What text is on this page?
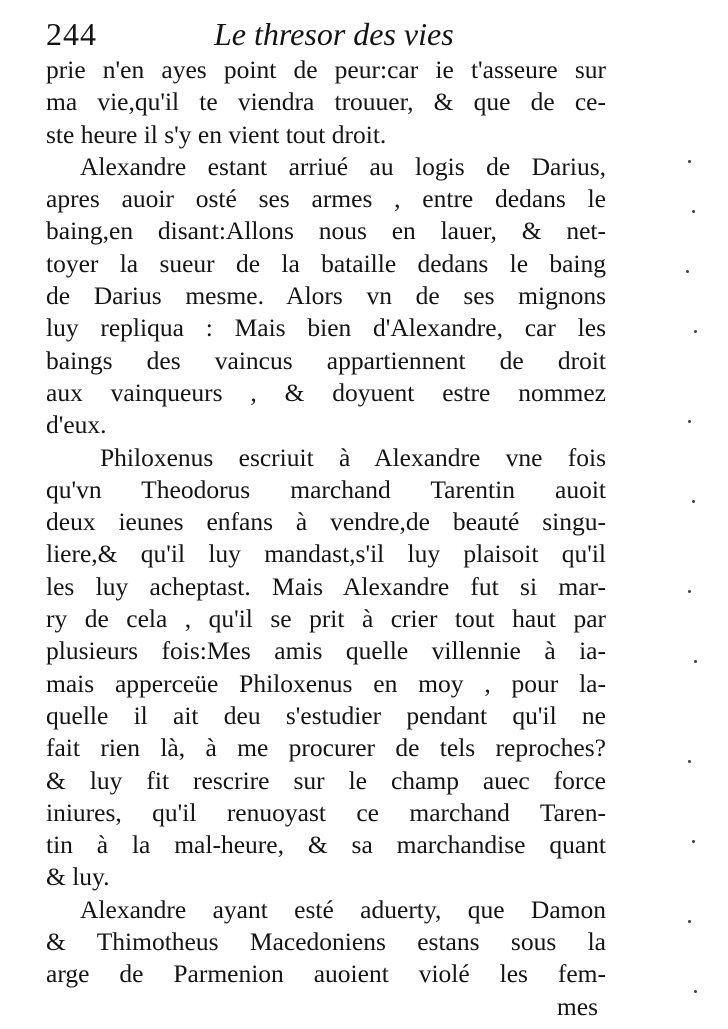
244	Le thresor des vies
prie n'en ayes point de peur:car ie t'asseure sur
ma vie,qu'il te viendra trouuer, & que de ce-
ste heure il s'y en vient tout droit.
Alexandre estant arriué au logis de Darius,
apres auoir osté ses armes , entre dedans le
baing,en disant:Allons nous en lauer, & net-
toyer la sueur de la bataille dedans le baing
de Darius mesme. Alors vn de ses mignons
luy repliqua : Mais bien d'Alexandre, car les
baings des vaincus appartiennent de droit
aux vainqueurs , & doyuent estre nommez
d'eux.
Philoxenus escriuit à Alexandre vne fois
qu'vn Theodorus marchand Tarentin auoit
deux ieunes enfans à vendre,de beauté singu-
liere,& qu'il luy mandast,s'il luy plaisoit qu'il
les luy acheptast. Mais Alexandre fut si mar-
ry de cela , qu'il se prit à crier tout haut par
plusieurs fois:Mes amis quelle villennie à ia-
mais apperceüe Philoxenus en moy , pour la-
quelle il ait deu s'estudier pendant qu'il ne
fait rien là, à me procurer de tels reproches?
& luy fit rescrire sur le champ auec force
iniures, qu'il renuoyast ce marchand Taren-
tin à la mal-heure, & sa marchandise quant
& luy.
Alexandre ayant esté aduerty, que Damon
& Thimotheus Macedoniens estans sous la
arge de Parmenion auoient violé les fem-
mes
